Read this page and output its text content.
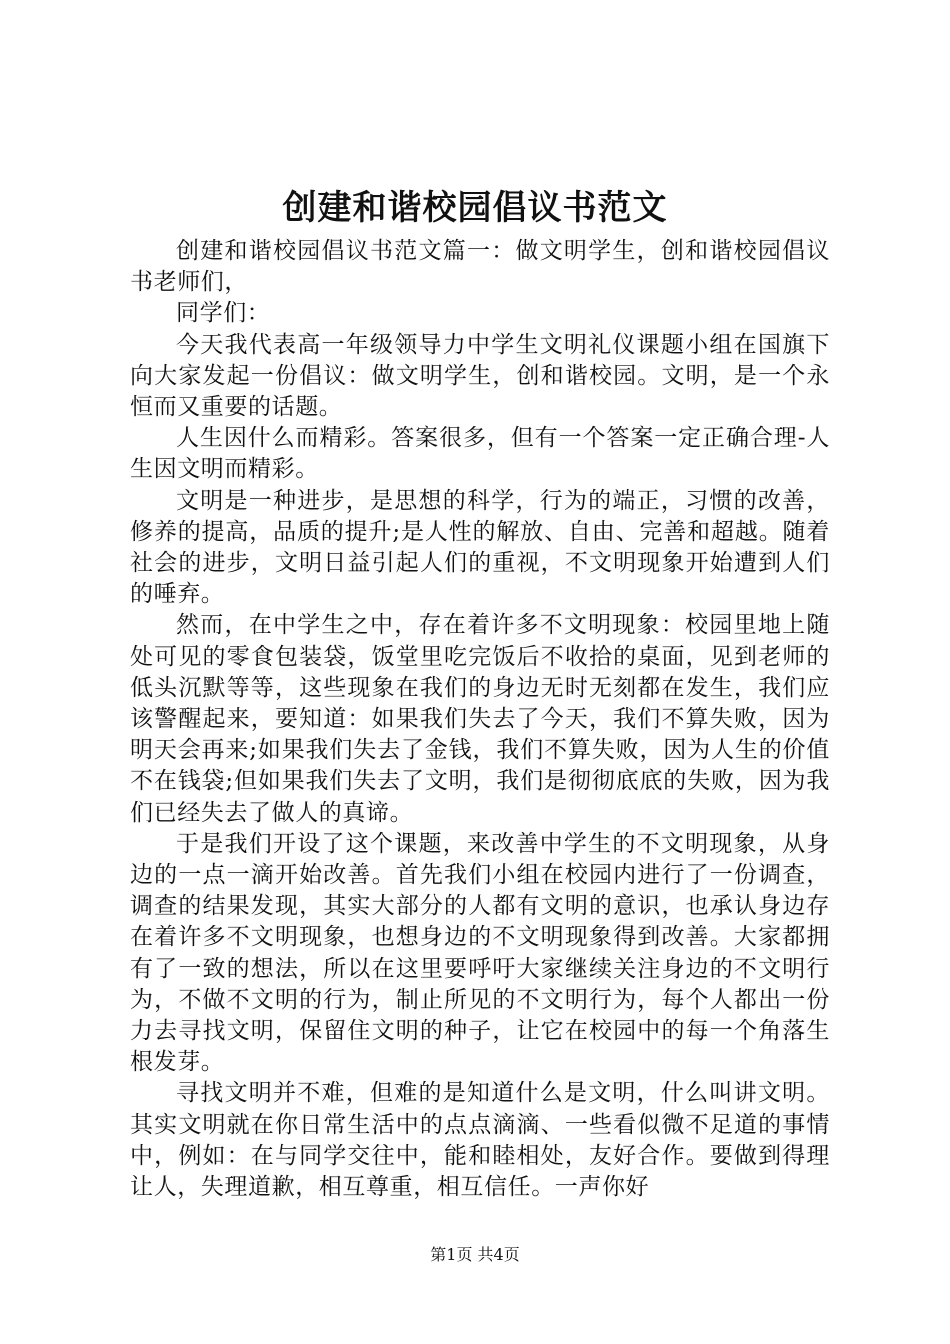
创建和谐校园倡议书范文

创建和谐校园倡议书范文篇一：做文明学生，创和谐校园倡议书老师们，

同学们：

今天我代表高一年级领导力中学生文明礼仪课题小组在国旗下向大家发起一份倡议：做文明学生，创和谐校园。文明，是一个永恒而又重要的话题。

人生因什么而精彩。答案很多，但有一个答案一定正确合理-人生因文明而精彩。

文明是一种进步，是思想的科学，行为的端正，习惯的改善，修养的提高，品质的提升;是人性的解放、自由、完善和超越。随着社会的进步，文明日益引起人们的重视，不文明现象开始遭到人们的唾弃。

然而，在中学生之中，存在着许多不文明现象：校园里地上随处可见的零食包装袋，饭堂里吃完饭后不收拾的桌面，见到老师的低头沉默等等，这些现象在我们的身边无时无刻都在发生，我们应该警醒起来，要知道：如果我们失去了今天，我们不算失败，因为明天会再来;如果我们失去了金钱，我们不算失败，因为人生的价值不在钱袋;但如果我们失去了文明，我们是彻彻底底的失败，因为我们已经失去了做人的真谛。

于是我们开设了这个课题，来改善中学生的不文明现象，从身边的一点一滴开始改善。首先我们小组在校园内进行了一份调查，调查的结果发现，其实大部分的人都有文明的意识，也承认身边存在着许多不文明现象，也想身边的不文明现象得到改善。大家都拥有了一致的想法，所以在这里要呼吁大家继续关注身边的不文明行为，不做不文明的行为，制止所见的不文明行为，每个人都出一份力去寻找文明，保留住文明的种子，让它在校园中的每一个角落生根发芽。

寻找文明并不难，但难的是知道什么是文明，什么叫讲文明。其实文明就在你日常生活中的点点滴滴、一些看似微不足道的事情中，例如：在与同学交往中，能和睦相处，友好合作。要做到得理让人，失理道歉，相互尊重，相互信任。一声你好

第1页 共4页
